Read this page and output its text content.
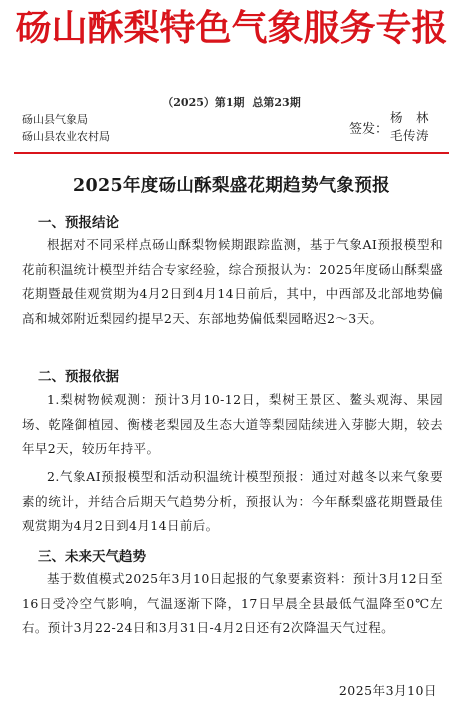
砀山酥梨特色气象服务专报
（2025）第1期 总第23期
砀山县气象局
砀山县农业农村局	签发：
杨　林
毛传涛
2025年度砀山酥梨盛花期趋势气象预报
一、预报结论
根据对不同采样点砀山酥梨物候期跟踪监测，基于气象AI预报模型和花前积温统计模型并结合专家经验，综合预报认为：2025年度砀山酥梨盛花期暨最佳观赏期为4月2日到4月14日前后，其中，中西部及北部地势偏高和城郊附近梨园约提早2天、东部地势偏低梨园略迟2～3天。
二、预报依据
1.梨树物候观测：预计3月10-12日，梨树王景区、鳌头观海、果园场、乾隆御植园、衡楼老梨园及生态大道等梨园陆续进入芽膨大期，较去年早2天，较历年持平。
2.气象AI预报模型和活动积温统计模型预报：通过对越冬以来气象要素的统计，并结合后期天气趋势分析，预报认为：今年酥梨盛花期暨最佳观赏期为4月2日到4月14日前后。
三、未来天气趋势
基于数值模式2025年3月10日起报的气象要素资料：预计3月12日至16日受冷空气影响，气温逐渐下降，17日早晨全县最低气温降至0℃左右。预计3月22-24日和3月31日-4月2日还有2次降温天气过程。
2025年3月10日
